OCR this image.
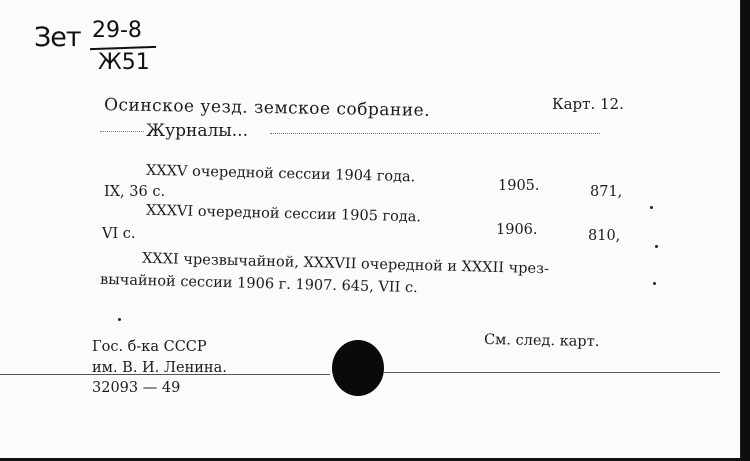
Зет 29-8
Ж51
Осинское уезд. земское собрание.	Карт. 12.
Журналы...
XXXV очередной сессии 1904 года.
1905.	871,
IX, 36 с.
XXXVI очередной сессии 1905 года.
1906.	810,
VI с.
XXXI чрезвычайной, XXXVII очередной и XXXII чрез-
вычайной сессии 1906 г. 1907. 645, VII с.
Гос. б-ка СССР
им. В. И. Ленина.
32093 — 49
См. след. карт.
